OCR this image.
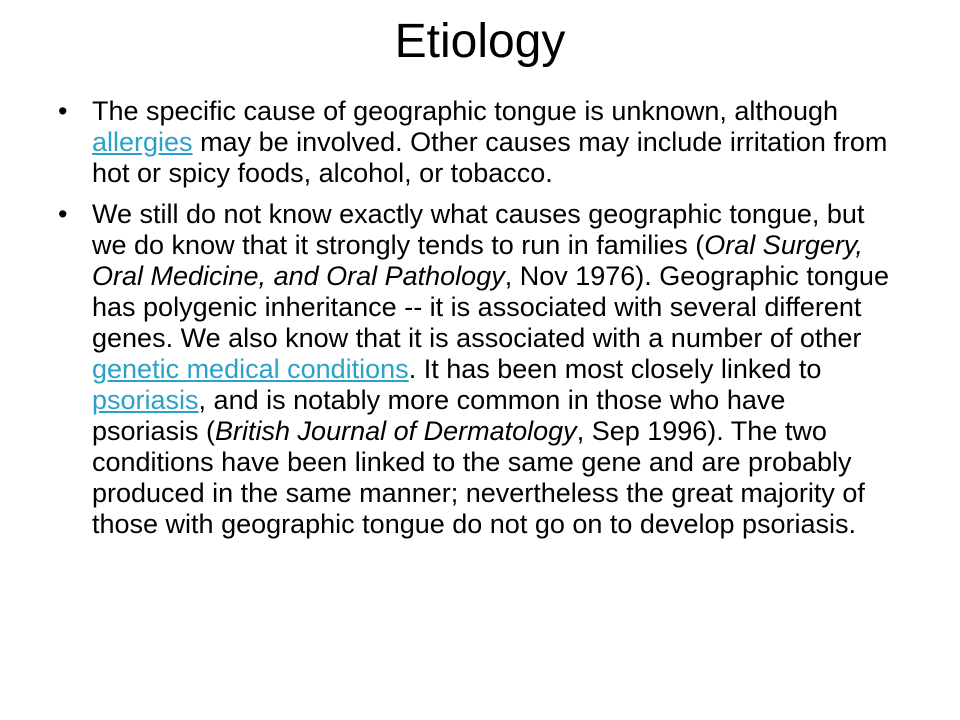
Etiology
• The specific cause of geographic tongue is unknown, although allergies may be involved. Other causes may include irritation from hot or spicy foods, alcohol, or tobacco.
• We still do not know exactly what causes geographic tongue, but we do know that it strongly tends to run in families (Oral Surgery, Oral Medicine, and Oral Pathology, Nov 1976). Geographic tongue has polygenic inheritance -- it is associated with several different genes. We also know that it is associated with a number of other genetic medical conditions. It has been most closely linked to psoriasis, and is notably more common in those who have psoriasis (British Journal of Dermatology, Sep 1996). The two conditions have been linked to the same gene and are probably produced in the same manner; nevertheless the great majority of those with geographic tongue do not go on to develop psoriasis.
